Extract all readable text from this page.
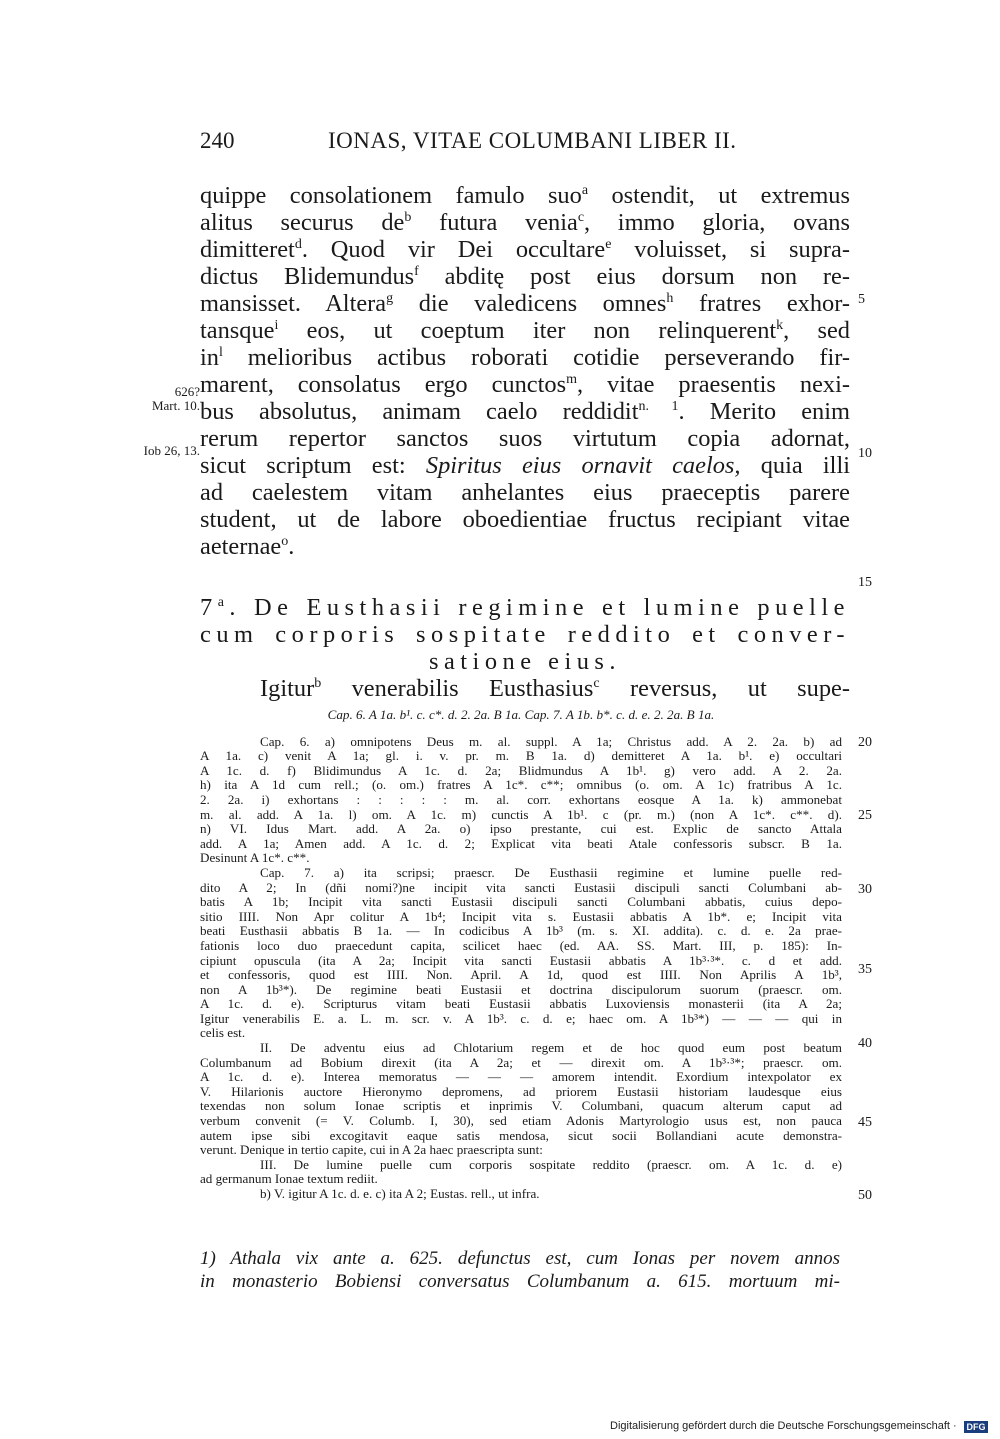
240	IONAS, VITAE COLUMBANI LIBER II.
quippe consolationem famulo suo$^a$ ostendit, ut extremus
alitus securus $de^b$ futura venia$^c$, immo gloria, ovans
dimitteret$^d$. Quod vir Dei occultare$^e$ voluisset, si supra-
dictus Blidemundus$^f$ abditę post eius dorsum non re-
mansisset. Altera$^g$ die valedicens omnes$^h$ fratres exhor-
tansque$^i$ eos, ut coeptum iter non relinquerent$^k$, sed
$in^l$ melioribus actibus roborati cotidie perseverando fir-
marent, consolatus ergo cunctos$^m$, vitae praesentis nexi-
bus absolutus, animam caelo reddidit$^{n. 1}$. Merito enim
rerum repertor sanctos suos virtutum copia adornat,
sicut scriptum est: Spiritus eius ornavit caelos, quia illi
ad caelestem vitam anhelantes eius praeceptis parere
student, ut de labore oboedientiae fructus recipiant vitae
aeternae$^o$.
7$^a$. De Eusthasii regimine et lumine puelle
cum corporis sospitate reddito et conver-
satione eius.
Igitur$^b$ venerabilis Eusthasius$^c$ reversus, ut supe-
626?
Mart. 10.
Iob 26, 13.
5
10
15
20
25
30
35
40
45
50
Cap. 6. A 1a. b¹. c. c*. d. 2. 2a. B 1a. Cap. 7. A 1b. b*. c. d. e. 2. 2a. B 1a.
Cap. 6. a) omnipotens Deus m. al. suppl. A 1a; Christus add. A 2. 2a. b) ad
A 1a. c) venit A 1a; gl. i. v. pr. m. B 1a. d) demitteret A 1a. b¹. e) occultari
A 1c. d. f) Blidimundus A 1c. d. 2a; Blidmundus A 1b¹. g) vero add. A 2. 2a.
h) ita A 1d cum rell.; (o. om.) fratres A 1c*. c**; omnibus (o. om. A 1c) fratribus A 1c.
2. 2a. i) exhortans : : : : : m. al. corr. exhortans eosque A 1a. k) ammonebat
m. al. add. A 1a. l) om. A 1c. m) cunctis A 1b¹. c (pr. m.) (non A 1c*. c**. d).
n) VI. Idus Mart. add. A 2a. o) ipso prestante, cui est. Explic de sancto Attala
add. A 1a; Amen add. A 1c. d. 2; Explicat vita beati Atale confessoris subscr. B 1a.
Desinunt A 1c*. c**.
Cap. 7. a) ita scripsi; praescr. De Eusthasii regimine et lumine puelle red-
dito A 2; In (dñi nomi?)ne incipit vita sancti Eustasii discipuli sancti Columbani ab-
batis A 1b; Incipit vita sancti Eustasii discipuli sancti Columbani abbatis, cuius depo-
sitio IIII. Non Apr colitur A 1b⁴; Incipit vita s. Eustasii abbatis A 1b*. e; Incipit vita
beati Eusthasii abbatis B 1a. — In codicibus A 1b³ (m. s. XI. addita). c. d. e. 2a prae-
fationis loco duo praecedunt capita, scilicet haec (ed. AA. SS. Mart. III, p. 185): In-
cipiunt opuscula (ita A 2a; Incipit vita sancti Eustasii abbatis A 1b³·³*. c. d et add.
et confessoris, quod est IIII. Non. April. A 1d, quod est IIII. Non Aprilis A 1b³,
non A 1b³*). De regimine beati Eustasii et doctrina discipulorum suorum (praescr. om.
A 1c. d. e). Scripturus vitam beati Eustasii abbatis Luxoviensis monasterii (ita A 2a;
Igitur venerabilis E. a. L. m. scr. v. A 1b³. c. d. e; haec om. A 1b³*) — — — qui in
celis est.
II. De adventu eius ad Chlotarium regem et de hoc quod eum post beatum
Columbanum ad Bobium direxit (ita A 2a; et — direxit om. A 1b³·³*; praescr. om.
A 1c. d. e). Interea memoratus — — — amorem intendit. Exordium intexpolator ex
V. Hilarionis auctore Hieronymo depromens, ad priorem Eustasii historiam laudesque eius
texendas non solum Ionae scriptis et inprimis V. Columbani, quacum alterum caput ad
verbum convenit (= V. Columb. I, 30), sed etiam Adonis Martyrologio usus est, non pauca
autem ipse sibi excogitavit eaque satis mendosa, sicut socii Bollandiani acute demonstra-
verunt. Denique in tertio capite, cui in A 2a haec praescripta sunt:
III. De lumine puelle cum corporis sospitate reddito (praescr. om. A 1c. d. e)
ad germanum Ionae textum rediit.
b) V. igitur A 1c. d. e. c) ita A 2; Eustas. rell., ut infra.
1) Athala vix ante a. 625. defunctus est, cum Ionas per novem annos
in monasterio Bobiensi conversatus Columbanum a. 615. mortuum mi-
Digitalisierung gefördert durch die Deutsche Forschungsgemeinschaft · DFG
